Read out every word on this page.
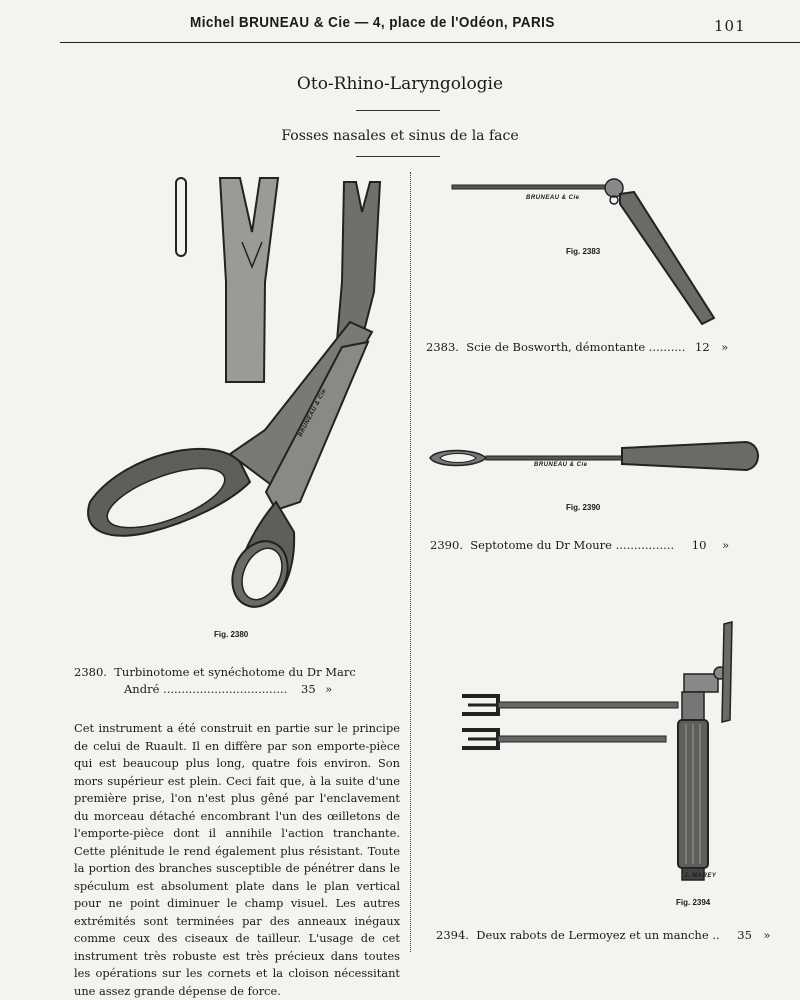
Michel BRUNEAU & Cie — 4, place de l'Odéon, PARIS	101
Oto-Rhino-Laryngologie
Fosses nasales et sinus de la face
BRUNEAU & Cie
Fig. 2380
2380. Turbinotome et synéchotome du Dr Marc
André .................................. 35 »
Cet instrument a été construit en partie sur le principe de celui de Ruault. Il en diffère par son emporte-pièce qui est beaucoup plus long, quatre fois environ. Son mors supérieur est plein. Ceci fait que, à la suite d'une première prise, l'on n'est plus gêné par l'enclavement du morceau détaché encombrant l'un des œilletons de l'emporte-pièce dont il annihile l'action tranchante. Cette plénitude le rend également plus résistant. Toute la portion des branches susceptible de pénétrer dans le spéculum est absolument plate dans le plan vertical pour ne point diminuer le champ visuel. Les autres extrémités sont terminées par des anneaux inégaux comme ceux des ciseaux de tailleur. L'usage de cet instrument très robuste est très précieux dans toutes les opérations sur les cornets et la cloison nécessitant une assez grande dépense de force.
BRUNEAU & Cie
Fig. 2383
2383. Scie de Bosworth, démontante .......... 12 »
BRUNEAU & Cie
Fig. 2390
2390. Septotome du Dr Moure ................ 10 »
J. MAREY
Fig. 2394
2394. Deux rabots de Lermoyez et un manche .. 35 »
